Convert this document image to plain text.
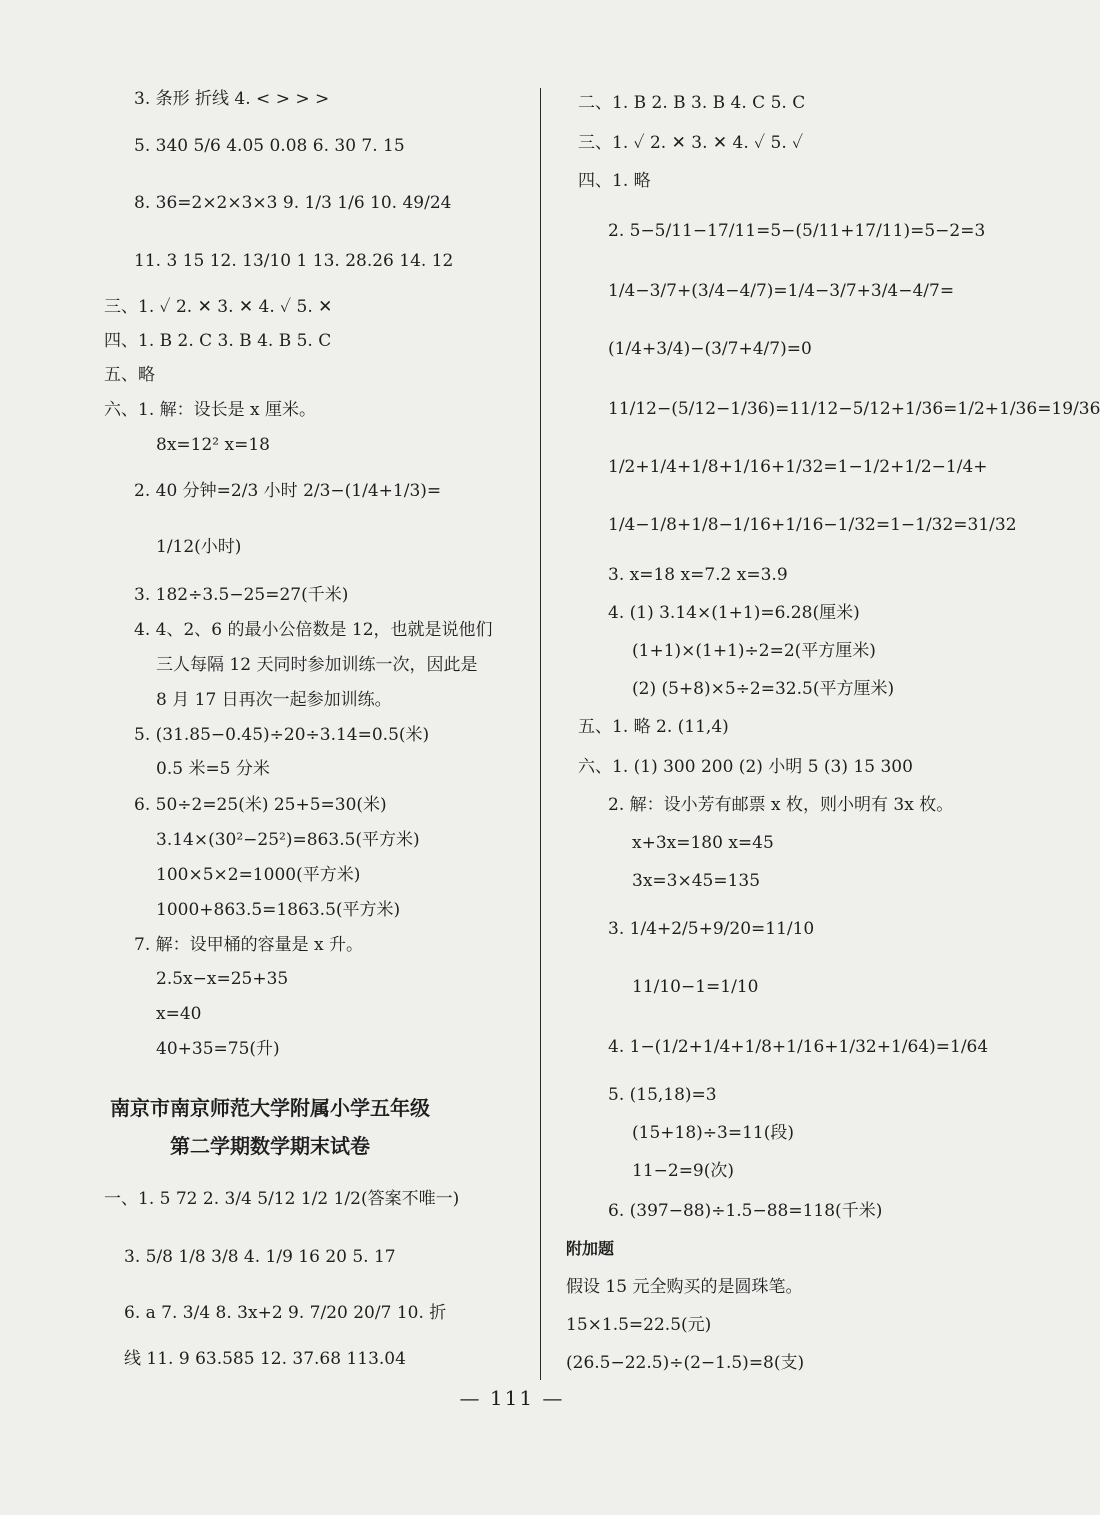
3. 条形 折线 4. < > > >
5. 340 5/6 4.05 0.08 6. 30 7. 15
8. 36=2×2×3×3 9. 1/3 1/6 10. 49/24
11. 3 15 12. 13/10 1 13. 28.26 14. 12
三、1. ✓ 2. ✕ 3. ✕ 4. ✓ 5. ✕
四、1. B 2. C 3. B 4. B 5. C
五、略
六、1. 解：设长是 x 厘米。
8x=12² x=18
2. 40 分钟=2/3 小时 2/3−(1/4+1/3)=
1/12(小时)
3. 182÷3.5−25=27(千米)
4. 4、2、6 的最小公倍数是 12，也就是说他们
三人每隔 12 天同时参加训练一次，因此是
8 月 17 日再次一起参加训练。
5. (31.85−0.45)÷20÷3.14=0.5(米)
0.5 米=5 分米
6. 50÷2=25(米) 25+5=30(米)
3.14×(30²−25²)=863.5(平方米)
100×5×2=1000(平方米)
1000+863.5=1863.5(平方米)
7. 解：设甲桶的容量是 x 升。
2.5x−x=25+35
x=40
40+35=75(升)
南京市南京师范大学附属小学五年级
第二学期数学期末试卷
一、1. 5 72 2. 3/4 5/12 1/2 1/2(答案不唯一)
3. 5/8 1/8 3/8 4. 1/9 16 20 5. 17
6. a 7. 3/4 8. 3x+2 9. 7/20 20/7 10. 折
线 11. 9 63.585 12. 37.68 113.04
二、1. B 2. B 3. B 4. C 5. C
三、1. ✓ 2. ✕ 3. ✕ 4. ✓ 5. ✓
四、1. 略
2. 5−5/11−17/11=5−(5/11+17/11)=5−2=3
1/4−3/7+(3/4−4/7)=1/4−3/7+3/4−4/7=
(1/4+3/4)−(3/7+4/7)=0
11/12−(5/12−1/36)=11/12−5/12+1/36=1/2+1/36=19/36
1/2+1/4+1/8+1/16+1/32=1−1/2+1/2−1/4+
1/4−1/8+1/8−1/16+1/16−1/32=1−1/32=31/32
3. x=18 x=7.2 x=3.9
4. (1) 3.14×(1+1)=6.28(厘米)
(1+1)×(1+1)÷2=2(平方厘米)
(2) (5+8)×5÷2=32.5(平方厘米)
五、1. 略 2. (11,4)
六、1. (1) 300 200 (2) 小明 5 (3) 15 300
2. 解：设小芳有邮票 x 枚，则小明有 3x 枚。
x+3x=180 x=45
3x=3×45=135
3. 1/4+2/5+9/20=11/10
11/10−1=1/10
4. 1−(1/2+1/4+1/8+1/16+1/32+1/64)=1/64
5. (15,18)=3
(15+18)÷3=11(段)
11−2=9(次)
6. (397−88)÷1.5−88=118(千米)
附加题
假设 15 元全购买的是圆珠笔。
15×1.5=22.5(元)
(26.5−22.5)÷(2−1.5)=8(支)
— 111 —
